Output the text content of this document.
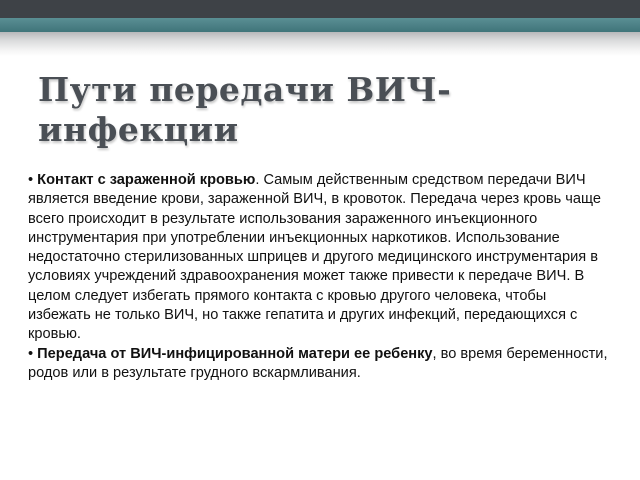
Пути передачи ВИЧ-инфекции

• Контакт с зараженной кровью. Самым действенным средством передачи ВИЧ является введение крови, зараженной ВИЧ, в кровоток. Передача через кровь чаще всего происходит в результате использования зараженного инъекционного инструментария при употреблении инъекционных наркотиков. Использование недостаточно стерилизованных шприцев и другого медицинского инструментария в условиях учреждений здравоохранения может также привести к передаче ВИЧ. В целом следует избегать прямого контакта с кровью другого человека, чтобы избежать не только ВИЧ, но также гепатита и других инфекций, передающихся с кровью.

• Передача от ВИЧ-инфицированной матери ее ребенку, во время беременности, родов или в результате грудного вскармливания.
